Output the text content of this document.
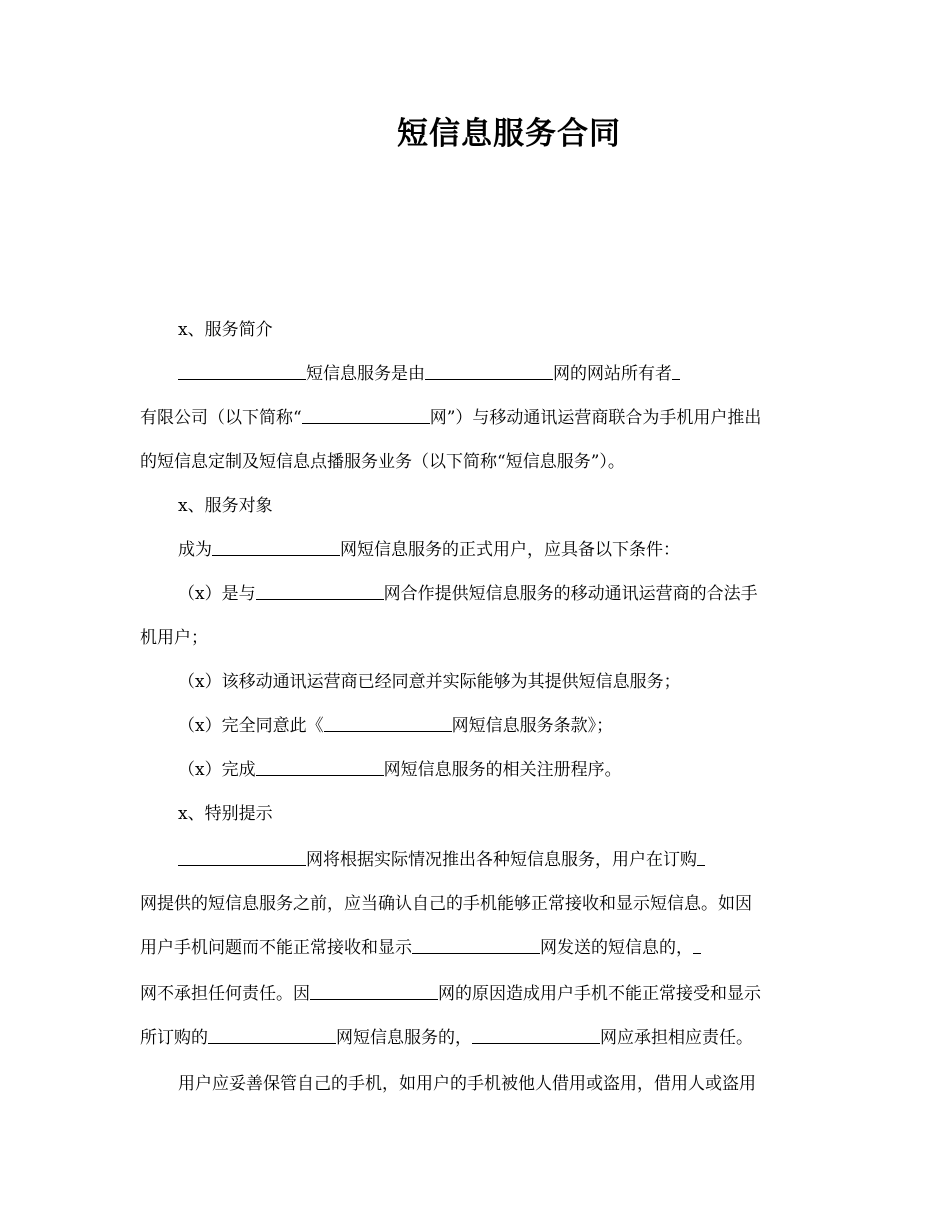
短信息服务合同
x、服务简介
短信息服务是由	网的网站所有者
有限公司（以下简称“	网”）与移动通讯运营商联合为手机用户推出
的短信息定制及短信息点播服务业务（以下简称“短信息服务”）。
x、服务对象
成为	网短信息服务的正式用户，应具备以下条件：
（x）是与	网合作提供短信息服务的移动通讯运营商的合法手
机用户；
（x）该移动通讯运营商已经同意并实际能够为其提供短信息服务；
（x）完全同意此《	网短信息服务条款》；
（x）完成	网短信息服务的相关注册程序。
x、特别提示
网将根据实际情况推出各种短信息服务，用户在订购
网提供的短信息服务之前，应当确认自己的手机能够正常接收和显示短信息。如因
用户手机问题而不能正常接收和显示	网发送的短信息的，
网不承担任何责任。因	网的原因造成用户手机不能正常接受和显示
所订购的	网短信息服务的，	网应承担相应责任。
用户应妥善保管自己的手机，如用户的手机被他人借用或盗用，借用人或盗用
